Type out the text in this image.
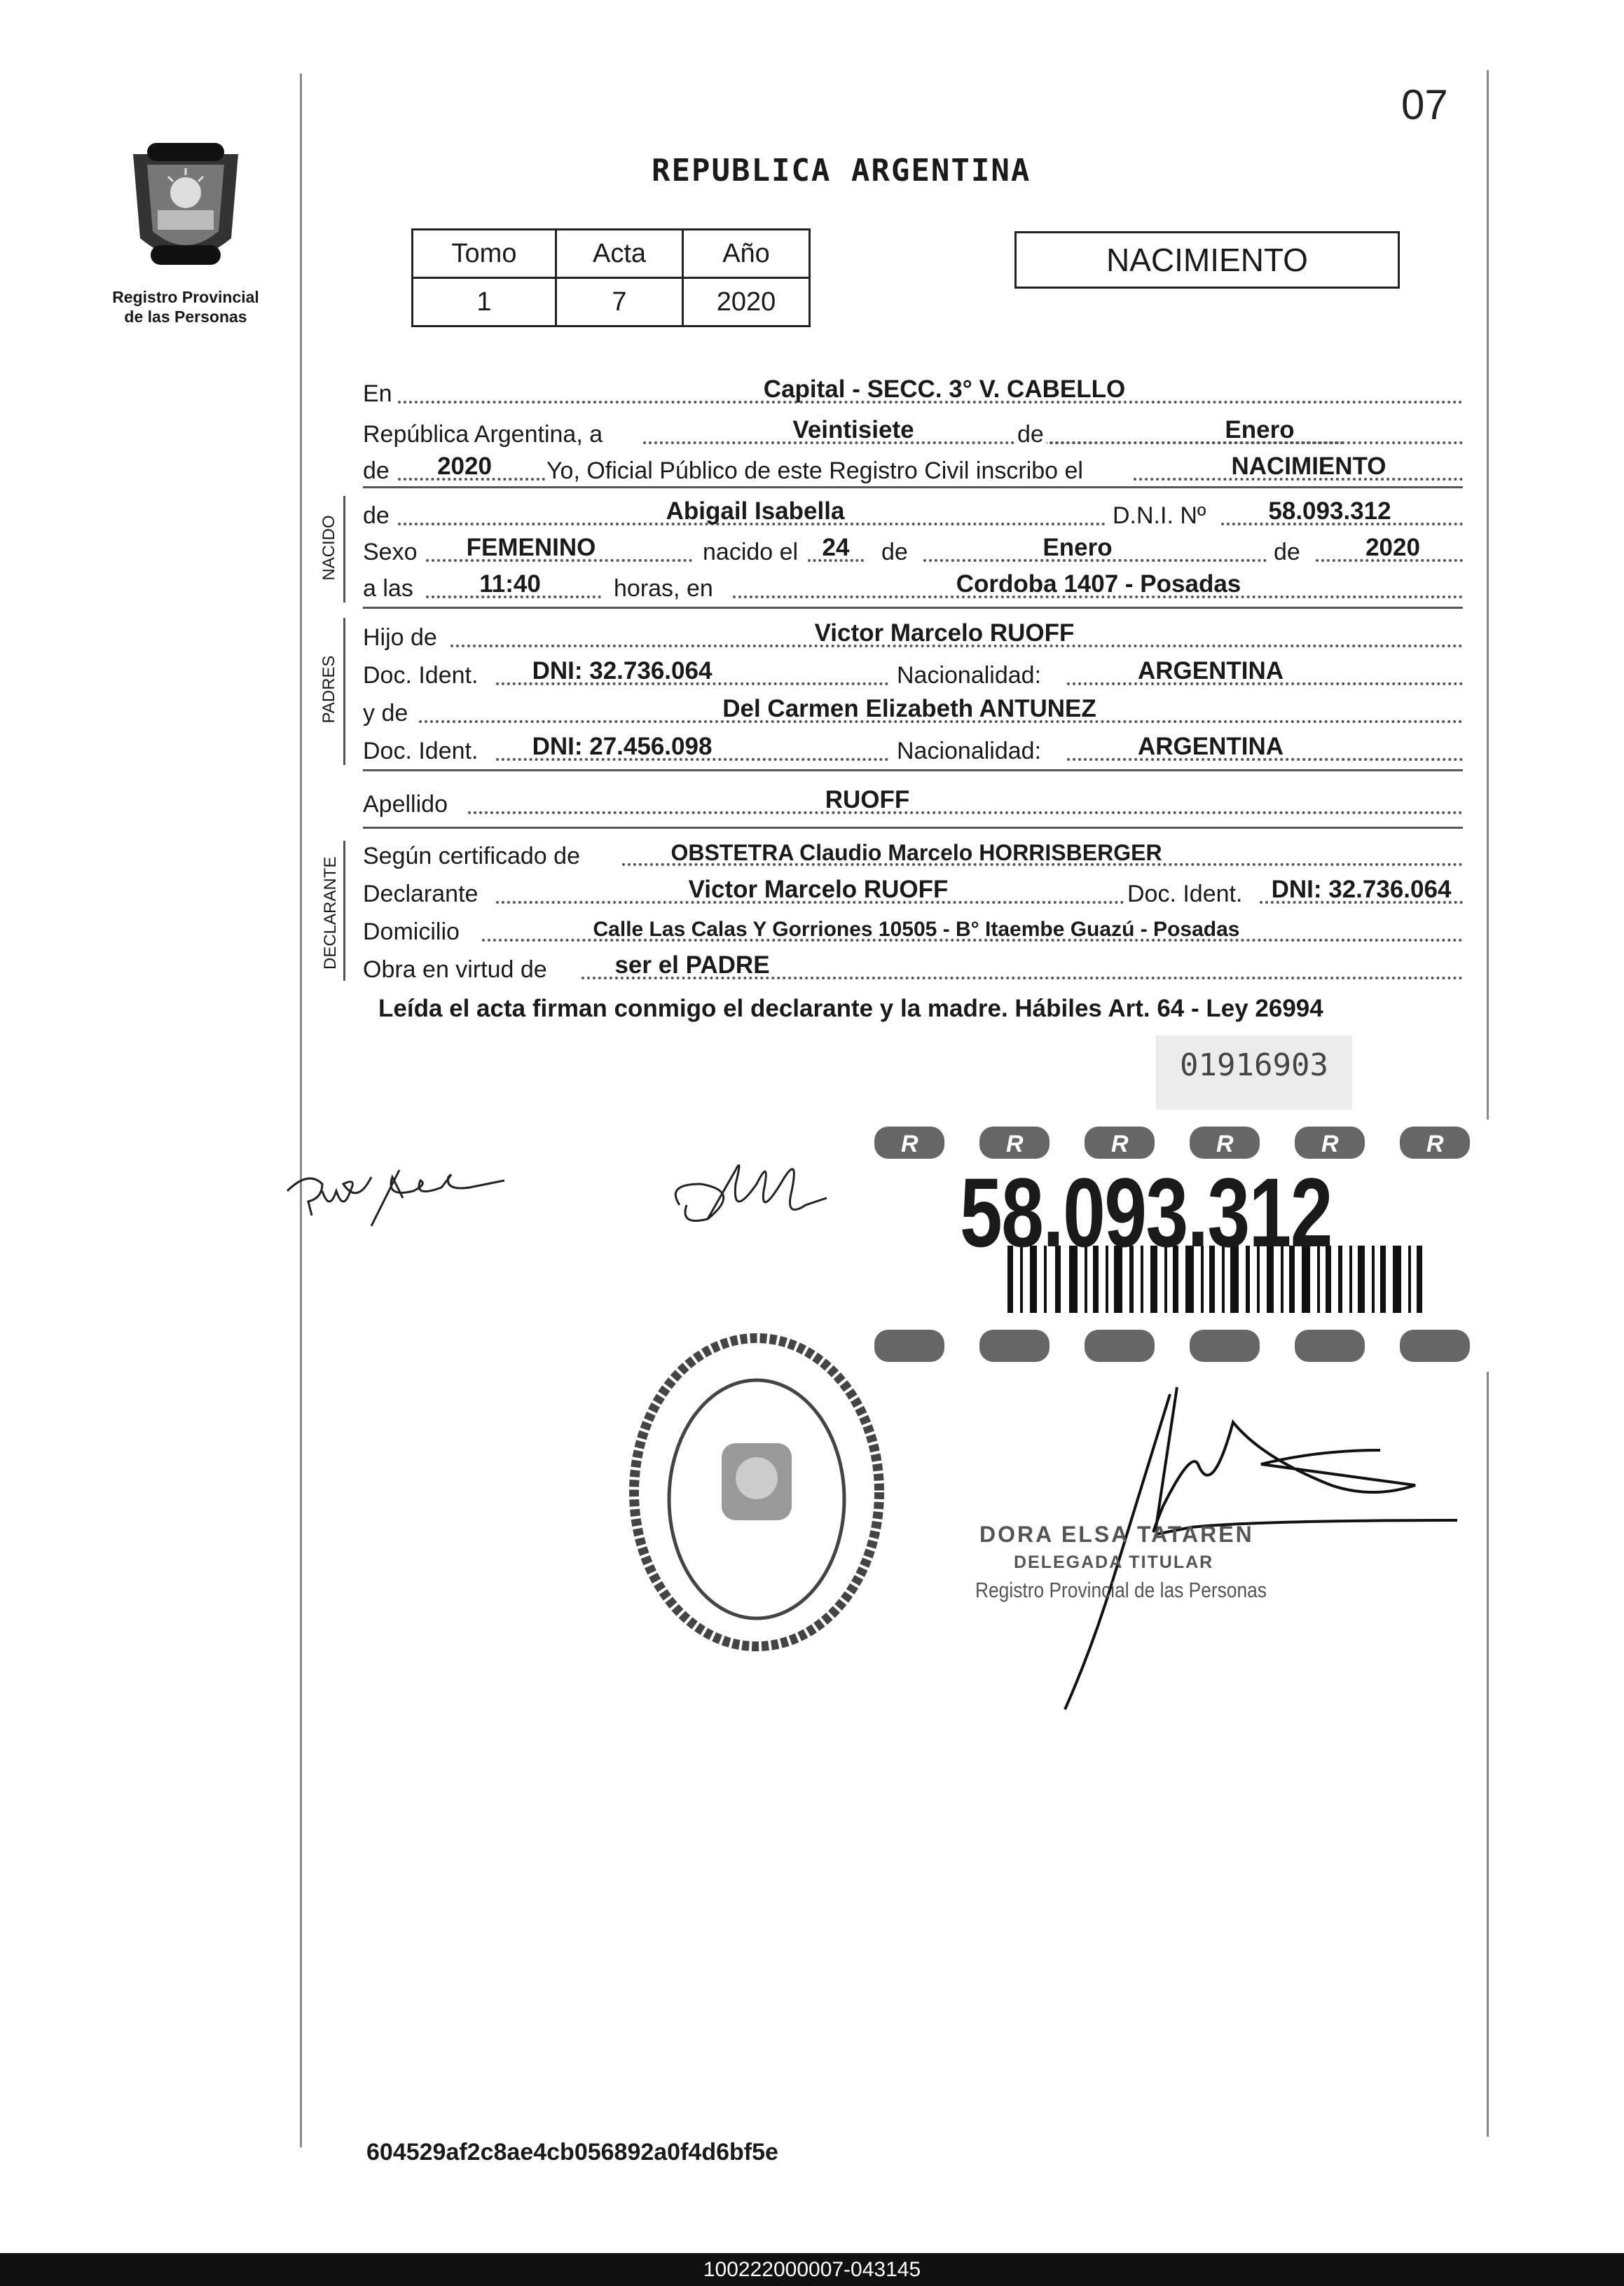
07
Registro Provincial
de las Personas
REPUBLICA ARGENTINA
Tomo	Acta	Año
1	7	2020
NACIMIENTO
En	Capital - SECC. 3° V. CABELLO
República Argentina, a	Veintisiete	de	Enero
de	2020	Yo, Oficial Público de este Registro Civil inscribo el	NACIMIENTO
NACIDO de	Abigail Isabella	D.N.I. Nº	58.093.312
Sexo	FEMENINO	nacido el 24	de	Enero	de	2020
a las	11:40	horas, en	Cordoba 1407 - Posadas
PADRES
Hijo de	Victor Marcelo RUOFF
Doc. Ident.	DNI: 32.736.064	Nacionalidad:	ARGENTINA
y de	Del Carmen Elizabeth ANTUNEZ
Doc. Ident.	DNI: 27.456.098	Nacionalidad:	ARGENTINA
Apellido	RUOFF
DECLARANTE
Según certificado de	OBSTETRA Claudio Marcelo HORRISBERGER
Declarante	Victor Marcelo RUOFF	Doc. Ident.	DNI: 32.736.064
Domicilio	Calle Las Calas Y Gorriones 10505 - B° Itaembe Guazú - Posadas
Obra en virtud de	ser el PADRE
Leída el acta firman conmigo el declarante y la madre. Hábiles Art. 64 - Ley 26994
01916903
R	R	R	R	R	R
58.093.312
DORA ELSA TATAREN
DELEGADA TITULAR
Registro Provincial de las Personas
604529af2c8ae4cb056892a0f4d6bf5e
100222000007-043145
